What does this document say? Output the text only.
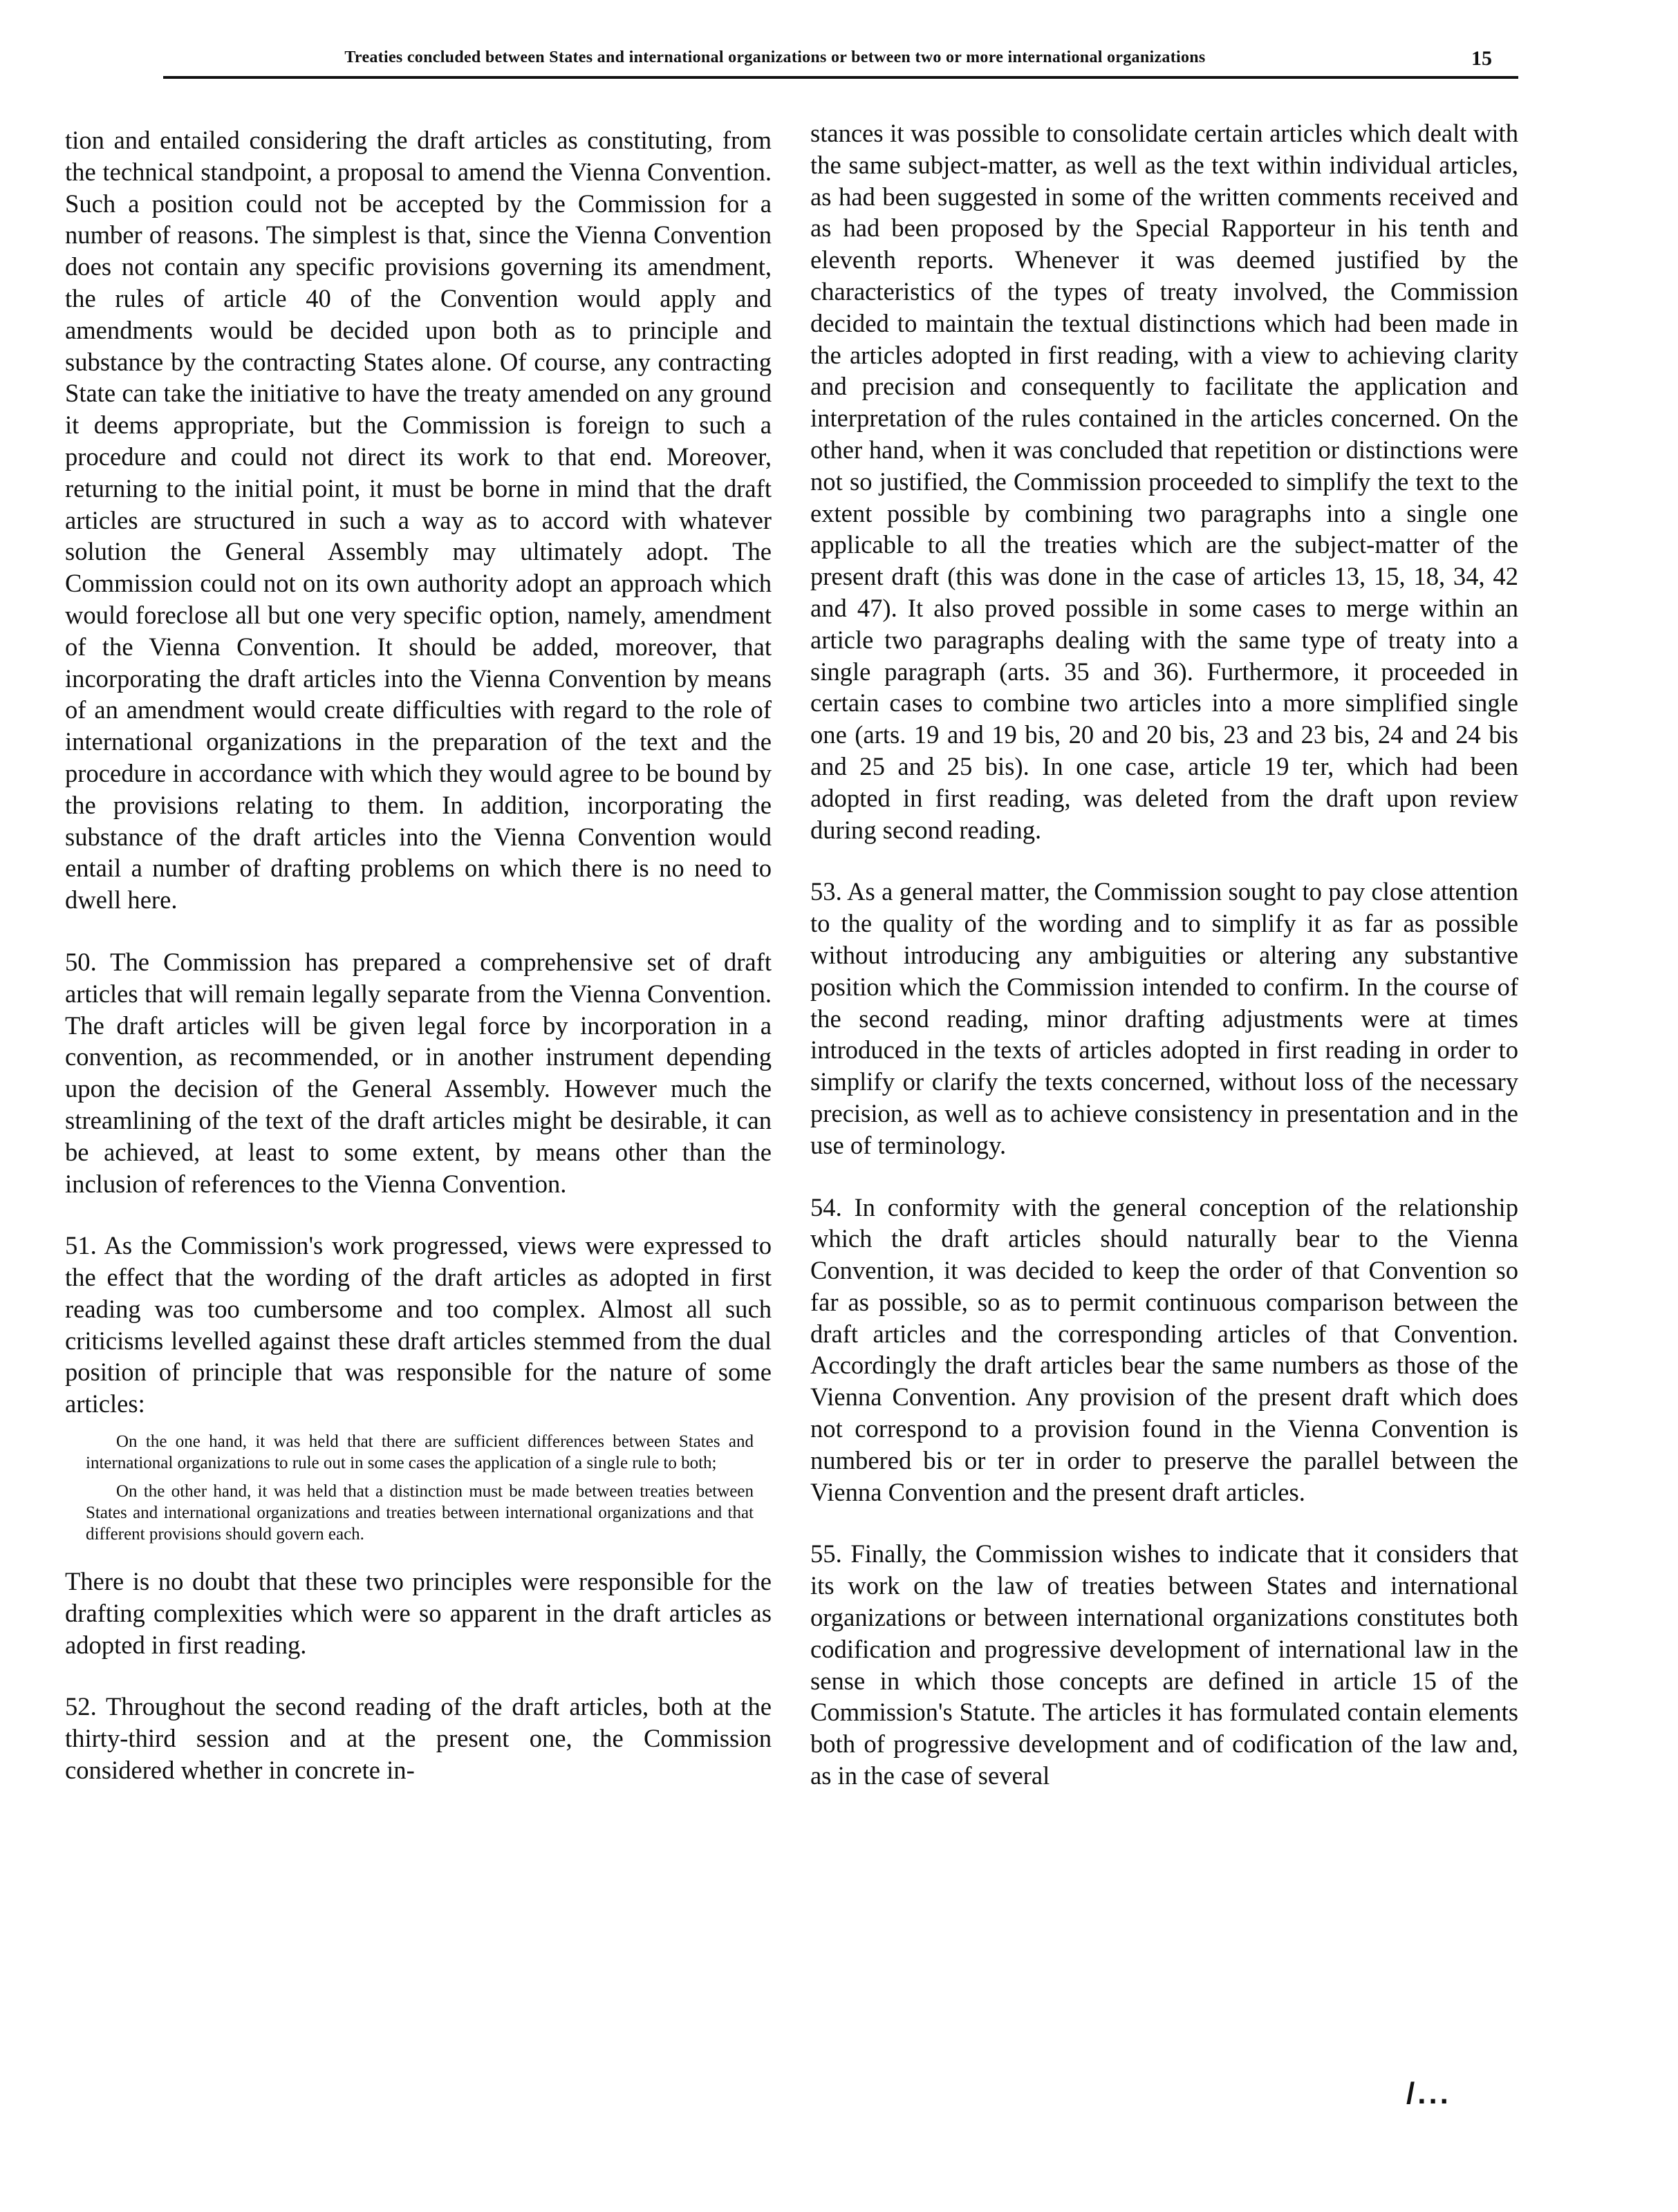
Treaties concluded between States and international organizations or between two or more international organizations	15

tion and entailed considering the draft articles as constituting, from the technical standpoint, a proposal to amend the Vienna Convention. Such a position could not be accepted by the Commission for a number of reasons. The simplest is that, since the Vienna Convention does not contain any specific provisions governing its amendment, the rules of article 40 of the Convention would apply and amendments would be decided upon both as to principle and substance by the contracting States alone. Of course, any contracting State can take the initiative to have the treaty amended on any ground it deems appropriate, but the Commission is foreign to such a procedure and could not direct its work to that end. Moreover, returning to the initial point, it must be borne in mind that the draft articles are structured in such a way as to accord with whatever solution the General Assembly may ultimately adopt. The Commission could not on its own authority adopt an approach which would foreclose all but one very specific option, namely, amendment of the Vienna Convention. It should be added, moreover, that incorporating the draft articles into the Vienna Convention by means of an amendment would create difficulties with regard to the role of international organizations in the preparation of the text and the procedure in accordance with which they would agree to be bound by the provisions relating to them. In addition, incorporating the substance of the draft articles into the Vienna Convention would entail a number of drafting problems on which there is no need to dwell here.

50. The Commission has prepared a comprehensive set of draft articles that will remain legally separate from the Vienna Convention. The draft articles will be given legal force by incorporation in a convention, as recommended, or in another instrument depending upon the decision of the General Assembly. However much the streamlining of the text of the draft articles might be desirable, it can be achieved, at least to some extent, by means other than the inclusion of references to the Vienna Convention.

51. As the Commission's work progressed, views were expressed to the effect that the wording of the draft articles as adopted in first reading was too cumbersome and too complex. Almost all such criticisms levelled against these draft articles stemmed from the dual position of principle that was responsible for the nature of some articles:

On the one hand, it was held that there are sufficient differences between States and international organizations to rule out in some cases the application of a single rule to both;

On the other hand, it was held that a distinction must be made between treaties between States and international organizations and treaties between international organizations and that different provisions should govern each.

There is no doubt that these two principles were responsible for the drafting complexities which were so apparent in the draft articles as adopted in first reading.

52. Throughout the second reading of the draft articles, both at the thirty-third session and at the present one, the Commission considered whether in concrete in-

stances it was possible to consolidate certain articles which dealt with the same subject-matter, as well as the text within individual articles, as had been suggested in some of the written comments received and as had been proposed by the Special Rapporteur in his tenth and eleventh reports. Whenever it was deemed justified by the characteristics of the types of treaty involved, the Commission decided to maintain the textual distinctions which had been made in the articles adopted in first reading, with a view to achieving clarity and precision and consequently to facilitate the application and interpretation of the rules contained in the articles concerned. On the other hand, when it was concluded that repetition or distinctions were not so justified, the Commission proceeded to simplify the text to the extent possible by combining two paragraphs into a single one applicable to all the treaties which are the subject-matter of the present draft (this was done in the case of articles 13, 15, 18, 34, 42 and 47). It also proved possible in some cases to merge within an article two paragraphs dealing with the same type of treaty into a single paragraph (arts. 35 and 36). Furthermore, it proceeded in certain cases to combine two articles into a more simplified single one (arts. 19 and 19 bis, 20 and 20 bis, 23 and 23 bis, 24 and 24 bis and 25 and 25 bis). In one case, article 19 ter, which had been adopted in first reading, was deleted from the draft upon review during second reading.

53. As a general matter, the Commission sought to pay close attention to the quality of the wording and to simplify it as far as possible without introducing any ambiguities or altering any substantive position which the Commission intended to confirm. In the course of the second reading, minor drafting adjustments were at times introduced in the texts of articles adopted in first reading in order to simplify or clarify the texts concerned, without loss of the necessary precision, as well as to achieve consistency in presentation and in the use of terminology.

54. In conformity with the general conception of the relationship which the draft articles should naturally bear to the Vienna Convention, it was decided to keep the order of that Convention so far as possible, so as to permit continuous comparison between the draft articles and the corresponding articles of that Convention. Accordingly the draft articles bear the same numbers as those of the Vienna Convention. Any provision of the present draft which does not correspond to a provision found in the Vienna Convention is numbered bis or ter in order to preserve the parallel between the Vienna Convention and the present draft articles.

55. Finally, the Commission wishes to indicate that it considers that its work on the law of treaties between States and international organizations or between international organizations constitutes both codification and progressive development of international law in the sense in which those concepts are defined in article 15 of the Commission's Statute. The articles it has formulated contain elements both of progressive development and of codification of the law and, as in the case of several

/...
